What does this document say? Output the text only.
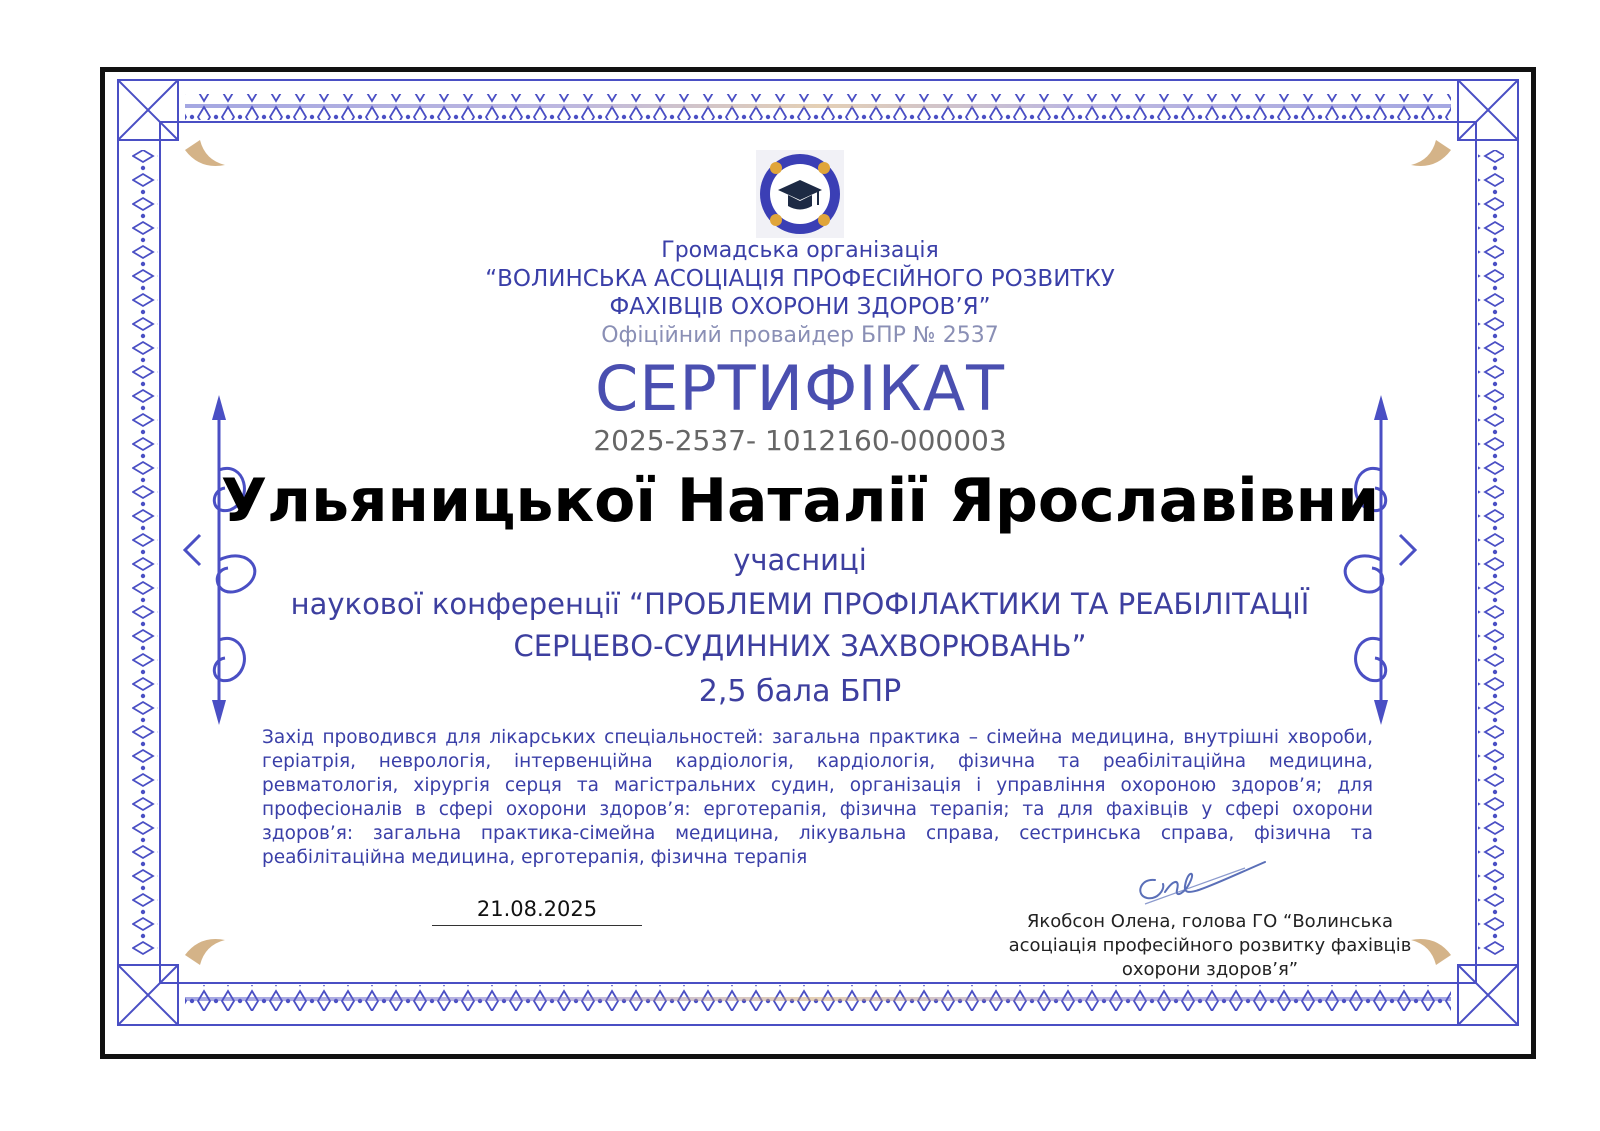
Громадська організація

“ВОЛИНСЬКА АСОЦІАЦІЯ ПРОФЕСІЙНОГО РОЗВИТКУ

ФАХІВЦІВ ОХОРОНИ ЗДОРОВ’Я”

Офіційний провайдер БПР № 2537

СЕРТИФІКАТ

2025-2537- 1012160-000003

Ульяницької Наталії Ярославівни

учасниці

наукової конференції “ПРОБЛЕМИ ПРОФІЛАКТИКИ ТА РЕАБІЛІТАЦІЇ

СЕРЦЕВО-СУДИННИХ ЗАХВОРЮВАНЬ”

2,5 бала БПР

Захід проводився для лікарських спеціальностей: загальна практика – сімейна медицина, внутрішні хвороби, геріатрія, неврологія, інтервенційна кардіологія, кардіологія, фізична та реабілітаційна медицина, ревматологія, хірургія серця та магістральних судин, організація і управління охороною здоров’я; для професіоналів в сфері охорони здоров’я: ерготерапія, фізична терапія; та для фахівців у сфері охорони здоров’я: загальна практика-сімейна медицина, лікувальна справа, сестринська справа, фізична та реабілітаційна медицина, ерготерапія, фізична терапія

21.08.2025

Якобсон Олена, голова ГО “Волинська
асоціація професійного розвитку фахівців
охорони здоров’я”
